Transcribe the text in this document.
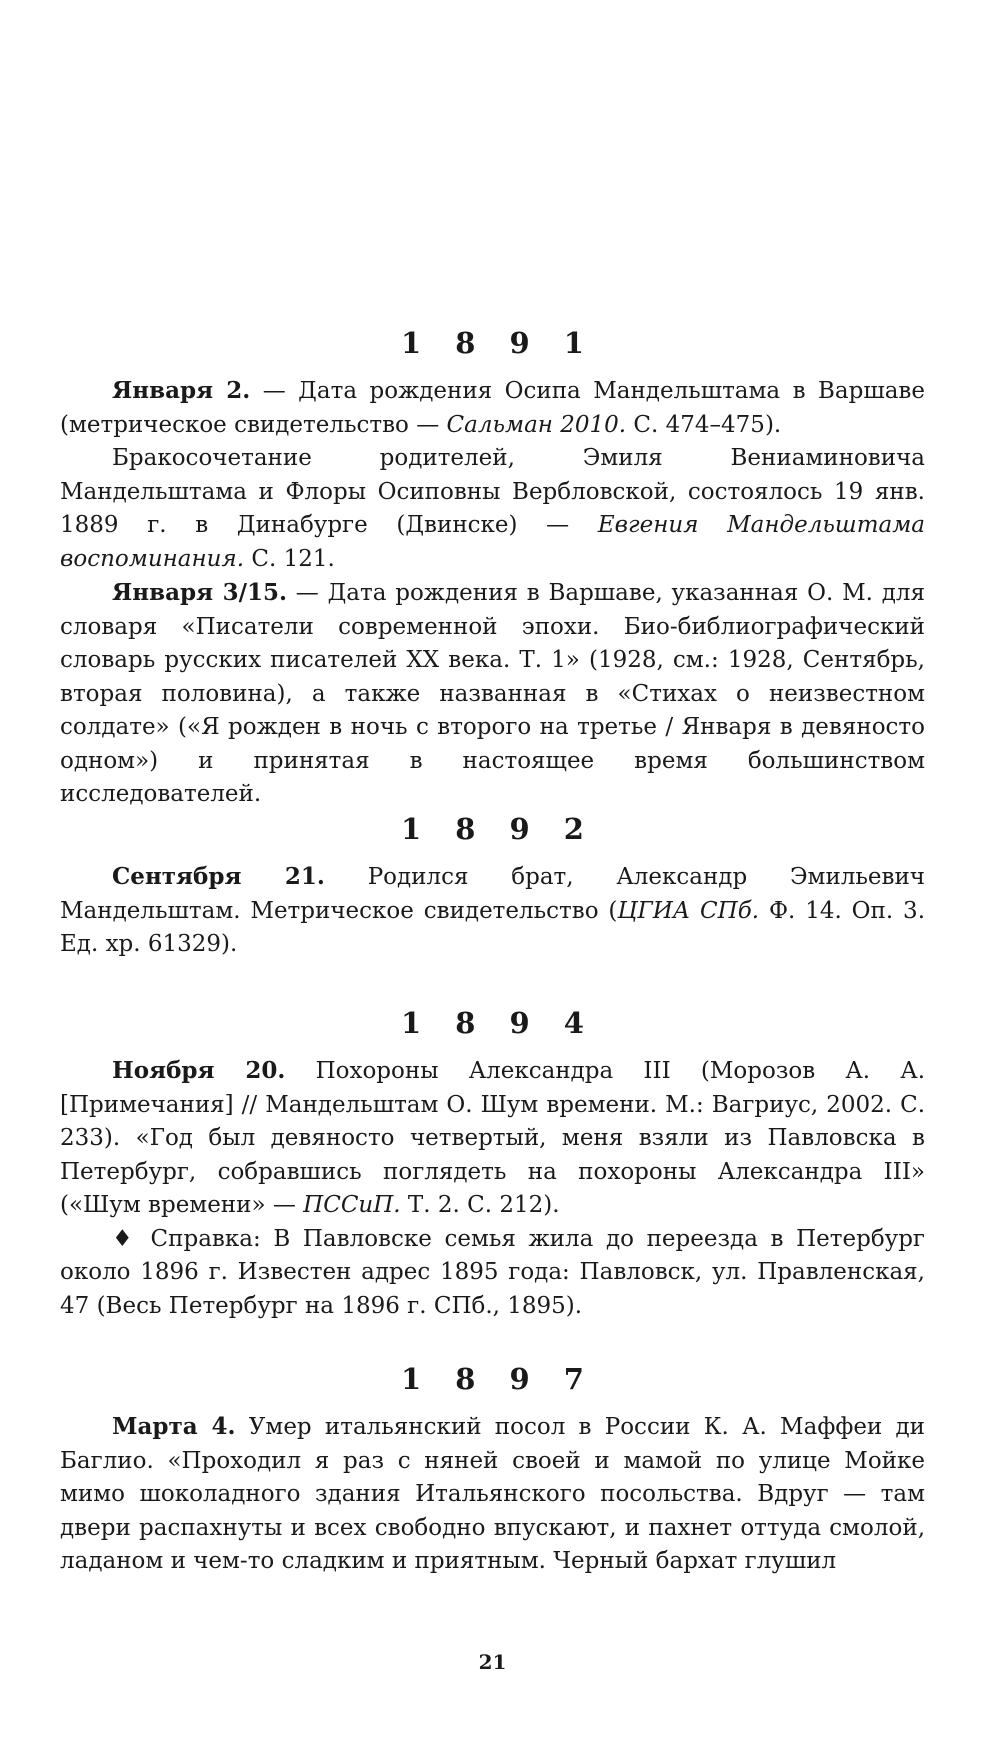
1 8 9 1

Января 2. — Дата рождения Осипа Мандельштама в Варшаве (метрическое свидетельство — Сальман 2010. С. 474–475).

Бракосочетание родителей, Эмиля Вениаминовича Мандельштама и Флоры Осиповны Вербловской, состоялось 19 янв. 1889 г. в Динабурге (Двинске) — Евгения Мандельштама воспоминания. С. 121.

Января 3/15. — Дата рождения в Варшаве, указанная О. М. для словаря «Писатели современной эпохи. Био-библиографический словарь русских писателей XX века. Т. 1» (1928, см.: 1928, Сентябрь, вторая половина), а также названная в «Стихах о неизвестном солдате» («Я рожден в ночь с второго на третье / Января в девяносто одном») и принятая в настоящее время большинством исследователей.

1 8 9 2

Сентября 21. Родился брат, Александр Эмильевич Мандельштам. Метрическое свидетельство (ЦГИА СПб. Ф. 14. Оп. 3. Ед. хр. 61329).

1 8 9 4

Ноября 20. Похороны Александра III (Морозов А. А. [Примечания] // Мандельштам О. Шум времени. М.: Вагриус, 2002. С. 233). «Год был девяносто четвертый, меня взяли из Павловска в Петербург, собравшись поглядеть на похороны Александра III» («Шум времени» — ПССиП. Т. 2. С. 212).

♦ Справка: В Павловске семья жила до переезда в Петербург около 1896 г. Известен адрес 1895 года: Павловск, ул. Правленская, 47 (Весь Петербург на 1896 г. СПб., 1895).

1 8 9 7

Марта 4. Умер итальянский посол в России К. А. Маффеи ди Баглио. «Проходил я раз с няней своей и мамой по улице Мойке мимо шоколадного здания Итальянского посольства. Вдруг — там двери распахнуты и всех свободно впускают, и пахнет оттуда смолой, ладаном и чем-то сладким и приятным. Черный бархат глушил

21
